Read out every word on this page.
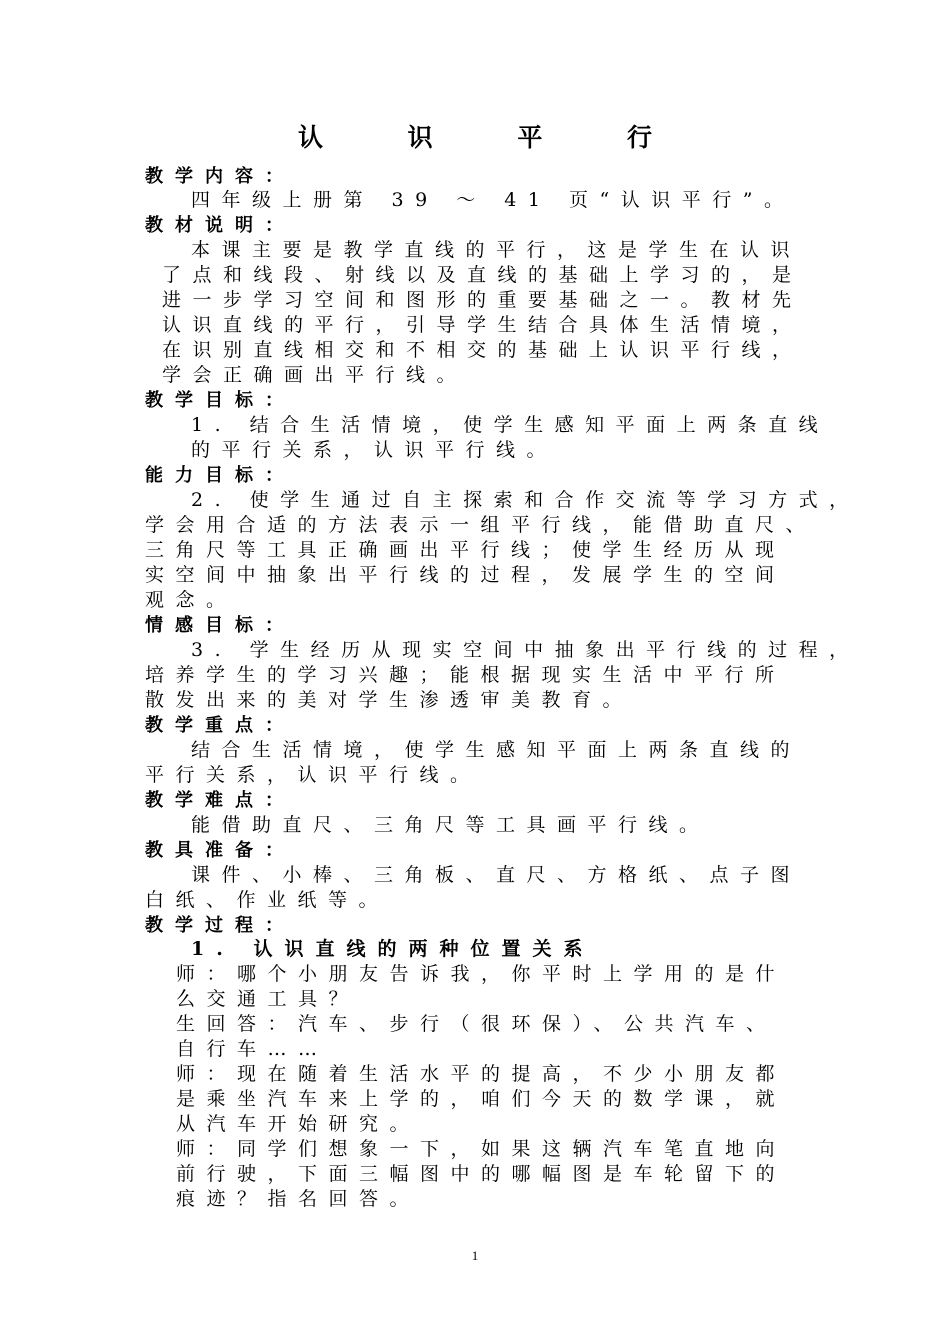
认 识 平 行
教学内容：
四年级上册第 39 ～ 41 页“认识平行”。
教材说明：
本课主要是教学直线的平行，这是学生在认识
了点和线段、射线以及直线的基础上学习的，是
进一步学习空间和图形的重要基础之一。教材先
认识直线的平行，引导学生结合具体生活情境，
在识别直线相交和不相交的基础上认识平行线，
学会正确画出平行线。
教学目标：
1. 结合生活情境，使学生感知平面上两条直线
的平行关系，认识平行线。
能力目标：
2. 使学生通过自主探索和合作交流等学习方式，
学会用合适的方法表示一组平行线，能借助直尺、
三角尺等工具正确画出平行线；使学生经历从现
实空间中抽象出平行线的过程，发展学生的空间
观念。
情感目标：
3. 学生经历从现实空间中抽象出平行线的过程，
培养学生的学习兴趣；能根据现实生活中平行所
散发出来的美对学生渗透审美教育。
教学重点：
结合生活情境，使学生感知平面上两条直线的
平行关系，认识平行线。
教学难点：
能借助直尺、三角尺等工具画平行线。
教具准备：
课件、小棒、三角板、直尺、方格纸、点子图
白纸、作业纸等。
教学过程：
1. 认识直线的两种位置关系
师：哪个小朋友告诉我，你平时上学用的是什
么交通工具？
生回答：汽车、步行（很环保）、公共汽车、
自行车……
师：现在随着生活水平的提高，不少小朋友都
是乘坐汽车来上学的，咱们今天的数学课，就
从汽车开始研究。
师：同学们想象一下，如果这辆汽车笔直地向
前行驶，下面三幅图中的哪幅图是车轮留下的
痕迹？指名回答。
1
